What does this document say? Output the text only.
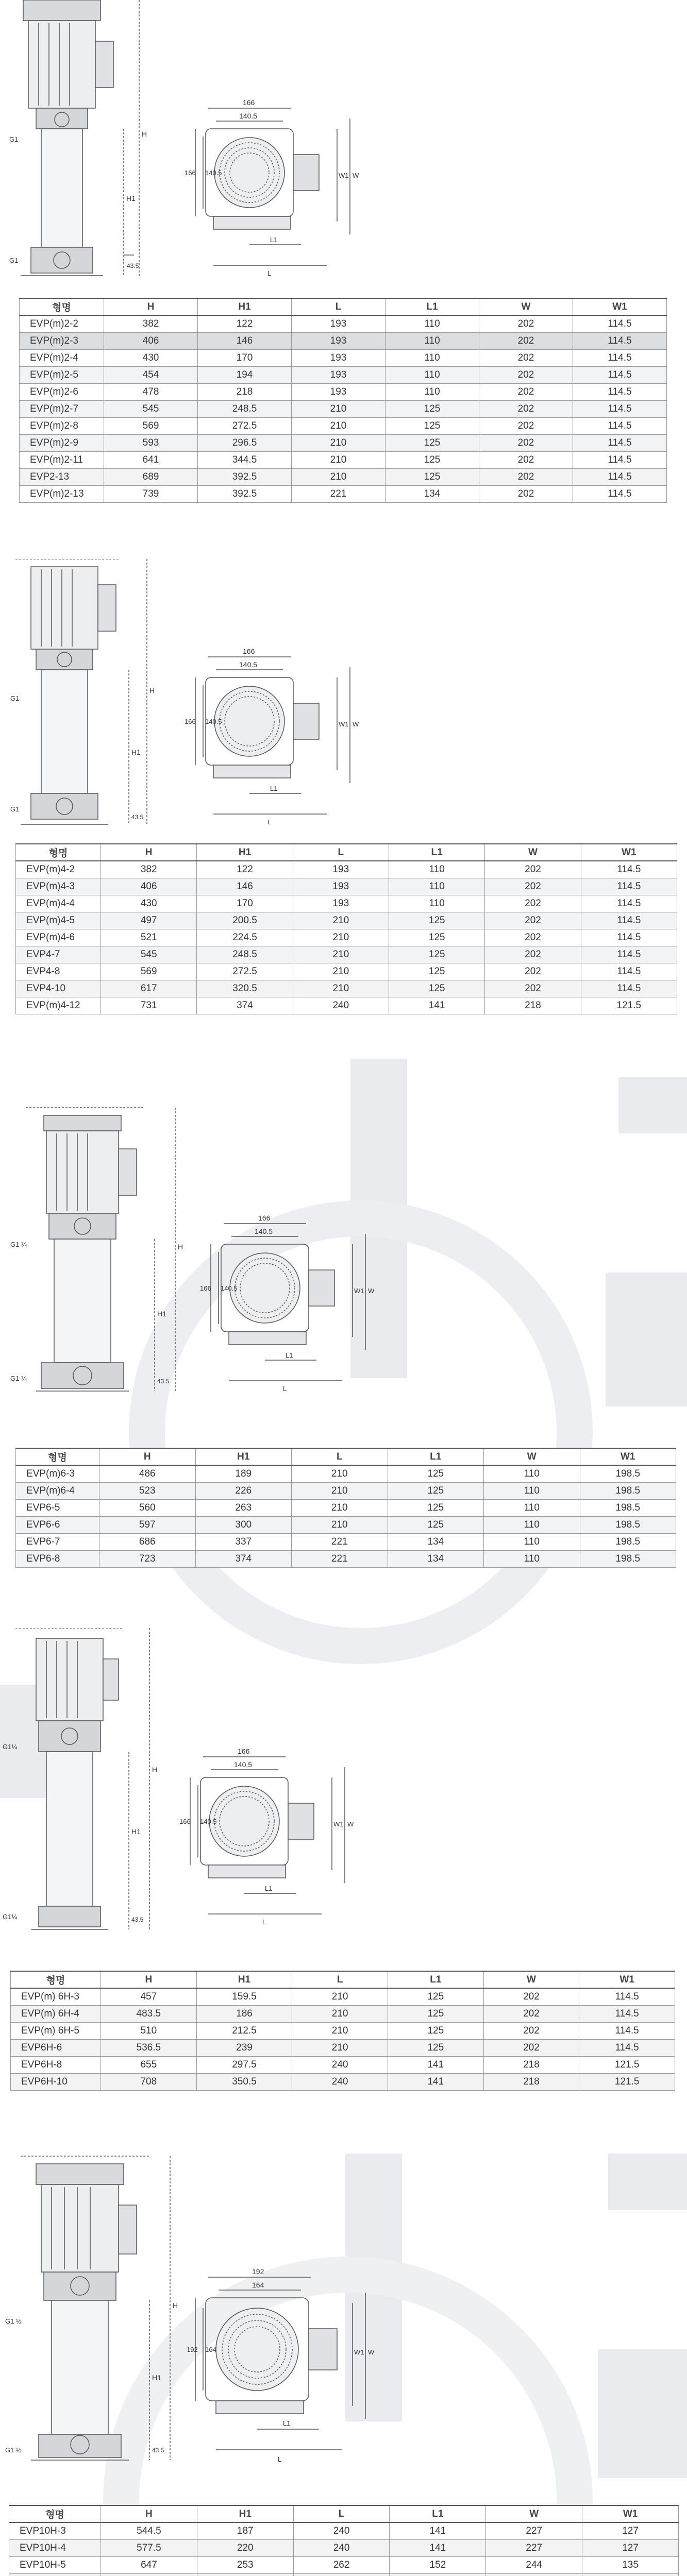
H
H1
43.5
G1
G1

166
140.5
166 140.5	W1 W
L1
L
형명	H	H1	L	L1	W	W1
EVP(m)2-2	382	122	193	110	202	114.5
EVP(m)2-3	406	146	193	110	202	114.5
EVP(m)2-4	430	170	193	110	202	114.5
EVP(m)2-5	454	194	193	110	202	114.5
EVP(m)2-6	478	218	193	110	202	114.5
EVP(m)2-7	545	248.5	210	125	202	114.5
EVP(m)2-8	569	272.5	210	125	202	114.5
EVP(m)2-9	593	296.5	210	125	202	114.5
EVP(m)2-11	641	344.5	210	125	202	114.5
EVP2-13	689	392.5	210	125	202	114.5
EVP(m)2-13	739	392.5	221	134	202	114.5
H
H1
43.5
G1
G1

166
140.5
166 140.5	W1 W
L1
L
형명	H	H1	L	L1	W	W1
EVP(m)4-2	382	122	193	110	202	114.5
EVP(m)4-3	406	146	193	110	202	114.5
EVP(m)4-4	430	170	193	110	202	114.5
EVP(m)4-5	497	200.5	210	125	202	114.5
EVP(m)4-6	521	224.5	210	125	202	114.5
EVP4-7	545	248.5	210	125	202	114.5
EVP4-8	569	272.5	210	125	202	114.5
EVP4-10	617	320.5	210	125	202	114.5
EVP(m)4-12	731	374	240	141	218	121.5
H
H1
43.5
G1 ¼
G1 ¼

166
140.5
166 140.5	W1 W
L1
L
형명	H	H1	L	L1	W	W1
EVP(m)6-3	486	189	210	125	110	198.5
EVP(m)6-4	523	226	210	125	110	198.5
EVP6-5	560	263	210	125	110	198.5
EVP6-6	597	300	210	125	110	198.5
EVP6-7	686	337	221	134	110	198.5
EVP6-8	723	374	221	134	110	198.5
H
H1
43.5
G1¼
G1¼

166
140.5
166 140.5	W1 W
L1
L
형명	H	H1	L	L1	W	W1
EVP(m) 6H-3	457	159.5	210	125	202	114.5
EVP(m) 6H-4	483.5	186	210	125	202	114.5
EVP(m) 6H-5	510	212.5	210	125	202	114.5
EVP6H-6	536.5	239	210	125	202	114.5
EVP6H-8	655	297.5	240	141	218	121.5
EVP6H-10	708	350.5	240	141	218	121.5
H
H1
43.5
G1 ½
G1 ½

192
164
192 164	W1 W
L1
L
형명	H	H1	L	L1	W	W1
EVP10H-3	544.5	187	240	141	227	127
EVP10H-4	577.5	220	240	141	227	127
EVP10H-5	647	253	262	152	244	135
